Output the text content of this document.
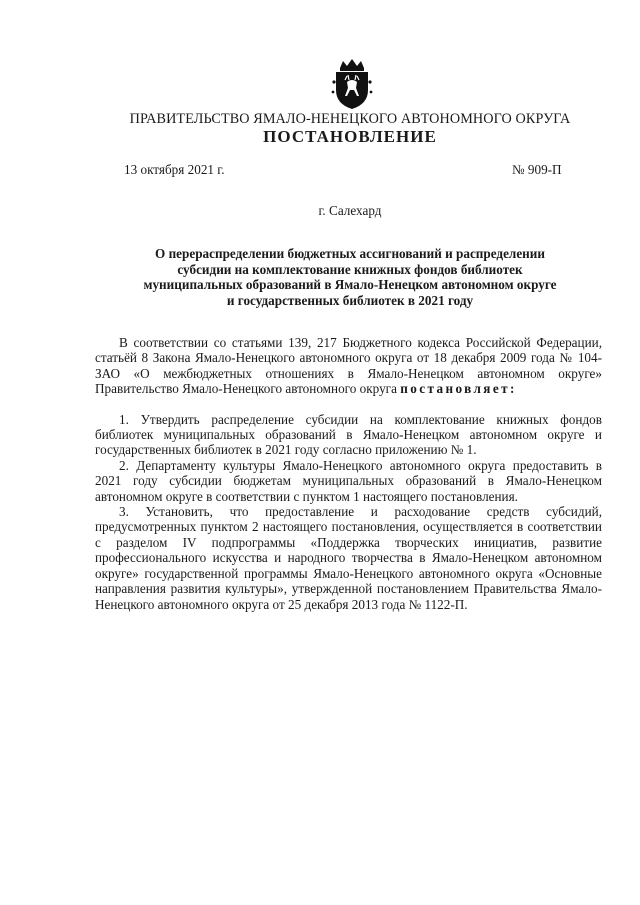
ПРАВИТЕЛЬСТВО ЯМАЛО-НЕНЕЦКОГО АВТОНОМНОГО ОКРУГА
ПОСТАНОВЛЕНИЕ
13 октября 2021 г.	№ 909-П
г. Салехард
О перераспределении бюджетных ассигнований и распределении
субсидии на комплектование книжных фондов библиотек
муниципальных образований в Ямало-Ненецком автономном округе
и государственных библиотек в 2021 году

В соответствии со статьями 139, 217 Бюджетного кодекса Российской Федерации, статьёй 8 Закона Ямало-Ненецкого автономного округа от 18 декабря 2009 года № 104-ЗАО «О межбюджетных отношениях в Ямало-Ненецком автономном округе» Правительство Ямало-Ненецкого автономного округа постановляет:

1. Утвердить распределение субсидии на комплектование книжных фондов библиотек муниципальных образований в Ямало-Ненецком автономном округе и государственных библиотек в 2021 году согласно приложению № 1.

2. Департаменту культуры Ямало-Ненецкого автономного округа предоставить в 2021 году субсидии бюджетам муниципальных образований в Ямало-Ненецком автономном округе в соответствии с пунктом 1 настоящего постановления.

3. Установить, что предоставление и расходование средств субсидий, предусмотренных пунктом 2 настоящего постановления, осуществляется в соответствии с разделом IV подпрограммы «Поддержка творческих инициатив, развитие профессионального искусства и народного творчества в Ямало-Ненецком автономном округе» государственной программы Ямало-Ненецкого автономного округа «Основные направления развития культуры», утвержденной постановлением Правительства Ямало-Ненецкого автономного округа от 25 декабря 2013 года № 1122-П.
